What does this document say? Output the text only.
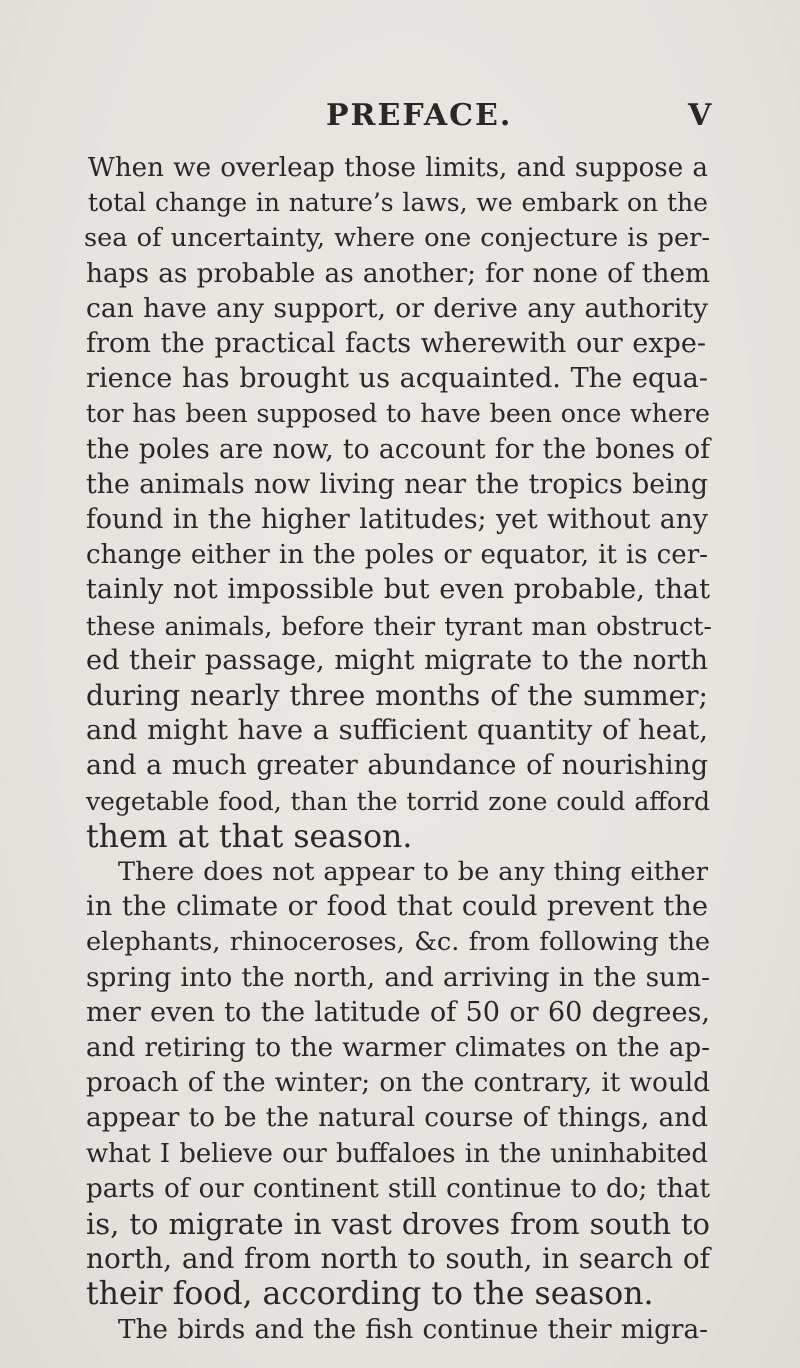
PREFACE.	V
When we overleap those limits, and suppose a
total change in nature’s laws, we embark on the
sea of uncertainty, where one conjecture is per-
haps as probable as another; for none of them
can have any support, or derive any authority
from the practical facts wherewith our expe-
rience has brought us acquainted. The equa-
tor has been supposed to have been once where
the poles are now, to account for the bones of
the animals now living near the tropics being
found in the higher latitudes; yet without any
change either in the poles or equator, it is cer-
tainly not impossible but even probable, that
these animals, before their tyrant man obstruct-
ed their passage, might migrate to the north
during nearly three months of the summer;
and might have a sufficient quantity of heat,
and a much greater abundance of nourishing
vegetable food, than the torrid zone could afford
them at that season.
There does not appear to be any thing either
in the climate or food that could prevent the
elephants, rhinoceroses, &c. from following the
spring into the north, and arriving in the sum-
mer even to the latitude of 50 or 60 degrees,
and retiring to the warmer climates on the ap-
proach of the winter; on the contrary, it would
appear to be the natural course of things, and
what I believe our buffaloes in the uninhabited
parts of our continent still continue to do; that
is, to migrate in vast droves from south to
north, and from north to south, in search of
their food, according to the season.
The birds and the fish continue their migra-
